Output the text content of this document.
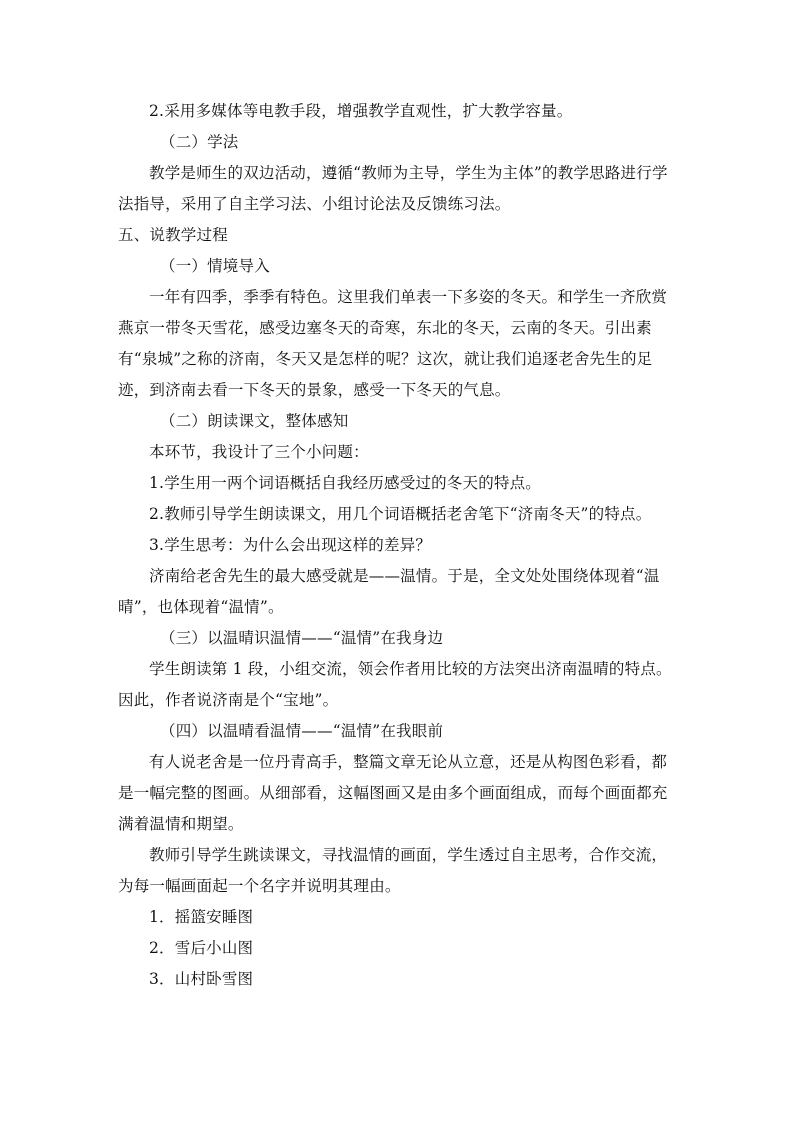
2.采用多媒体等电教手段，增强教学直观性，扩大教学容量。

（二）学法

教学是师生的双边活动，遵循“教师为主导，学生为主体”的教学思路进行学法指导，采用了自主学习法、小组讨论法及反馈练习法。

五、说教学过程

（一）情境导入

一年有四季，季季有特色。这里我们单表一下多姿的冬天。和学生一齐欣赏燕京一带冬天雪花，感受边塞冬天的奇寒，东北的冬天，云南的冬天。引出素有“泉城”之称的济南，冬天又是怎样的呢？这次，就让我们追逐老舍先生的足迹，到济南去看一下冬天的景象，感受一下冬天的气息。

（二）朗读课文，整体感知

本环节，我设计了三个小问题：

1.学生用一两个词语概括自我经历感受过的冬天的特点。

2.教师引导学生朗读课文，用几个词语概括老舍笔下“济南冬天”的特点。

3.学生思考：为什么会出现这样的差异？

济南给老舍先生的最大感受就是——温情。于是，全文处处围绕体现着“温晴”，也体现着“温情”。

（三）以温晴识温情——“温情”在我身边

学生朗读第 1 段，小组交流，领会作者用比较的方法突出济南温晴的特点。因此，作者说济南是个“宝地”。

（四）以温晴看温情——“温情”在我眼前

有人说老舍是一位丹青高手，整篇文章无论从立意，还是从构图色彩看，都是一幅完整的图画。从细部看，这幅图画又是由多个画面组成，而每个画面都充满着温情和期望。

教师引导学生跳读课文，寻找温情的画面，学生透过自主思考，合作交流，为每一幅画面起一个名字并说明其理由。

1．摇篮安睡图

2．雪后小山图

3．山村卧雪图
